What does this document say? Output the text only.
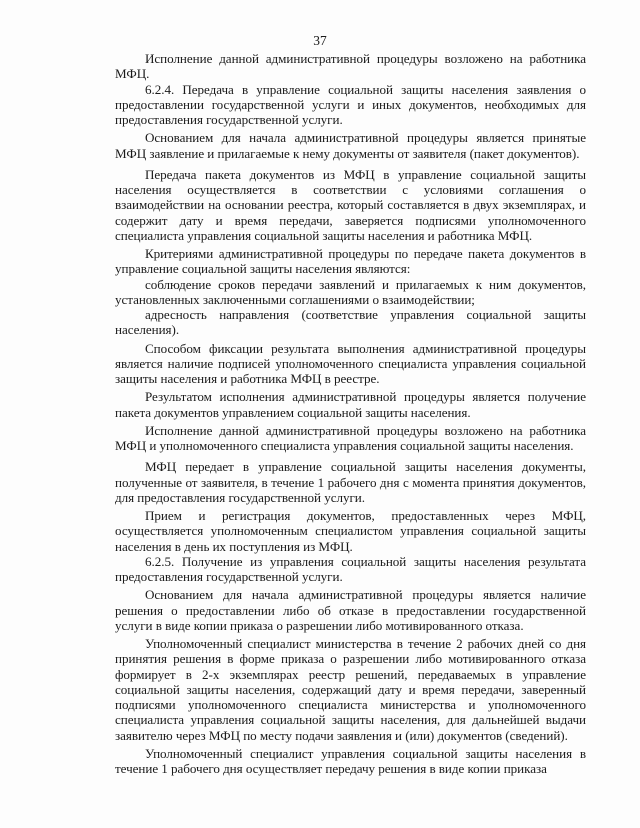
37

Исполнение данной административной процедуры возложено на работника МФЦ.

6.2.4. Передача в управление социальной защиты населения заявления о предоставлении государственной услуги и иных документов, необходимых для предоставления государственной услуги.

Основанием для начала административной процедуры является принятые МФЦ заявление и прилагаемые к нему документы от заявителя (пакет документов).

Передача пакета документов из МФЦ в управление социальной защиты населения осуществляется в соответствии с условиями соглашения о взаимодействии на основании реестра, который составляется в двух экземплярах, и содержит дату и время передачи, заверяется подписями уполномоченного специалиста управления социальной защиты населения и работника МФЦ.

Критериями административной процедуры по передаче пакета документов в управление социальной защиты населения являются:

соблюдение сроков передачи заявлений и прилагаемых к ним документов, установленных заключенными соглашениями о взаимодействии;

адресность направления (соответствие управления социальной защиты населения).

Способом фиксации результата выполнения административной процедуры является наличие подписей уполномоченного специалиста управления социальной защиты населения и работника МФЦ в реестре.

Результатом исполнения административной процедуры является получение пакета документов управлением социальной защиты населения.

Исполнение данной административной процедуры возложено на работника МФЦ и уполномоченного специалиста управления социальной защиты населения.

МФЦ передает в управление социальной защиты населения документы, полученные от заявителя, в течение 1 рабочего дня с момента принятия документов, для предоставления государственной услуги.

Прием и регистрация документов, предоставленных через МФЦ, осуществляется уполномоченным специалистом управления социальной защиты населения в день их поступления из МФЦ.

6.2.5. Получение из управления социальной защиты населения результата предоставления государственной услуги.

Основанием для начала административной процедуры является наличие решения о предоставлении либо об отказе в предоставлении государственной услуги в виде копии приказа о разрешении либо мотивированного отказа.

Уполномоченный специалист министерства в течение 2 рабочих дней со дня принятия решения в форме приказа о разрешении либо мотивированного отказа формирует в 2-х экземплярах реестр решений, передаваемых в управление социальной защиты населения, содержащий дату и время передачи, заверенный подписями уполномоченного специалиста министерства и уполномоченного специалиста управления социальной защиты населения, для дальнейшей выдачи заявителю через МФЦ по месту подачи заявления и (или) документов (сведений).

Уполномоченный специалист управления социальной защиты населения в течение 1 рабочего дня осуществляет передачу решения в виде копии приказа
